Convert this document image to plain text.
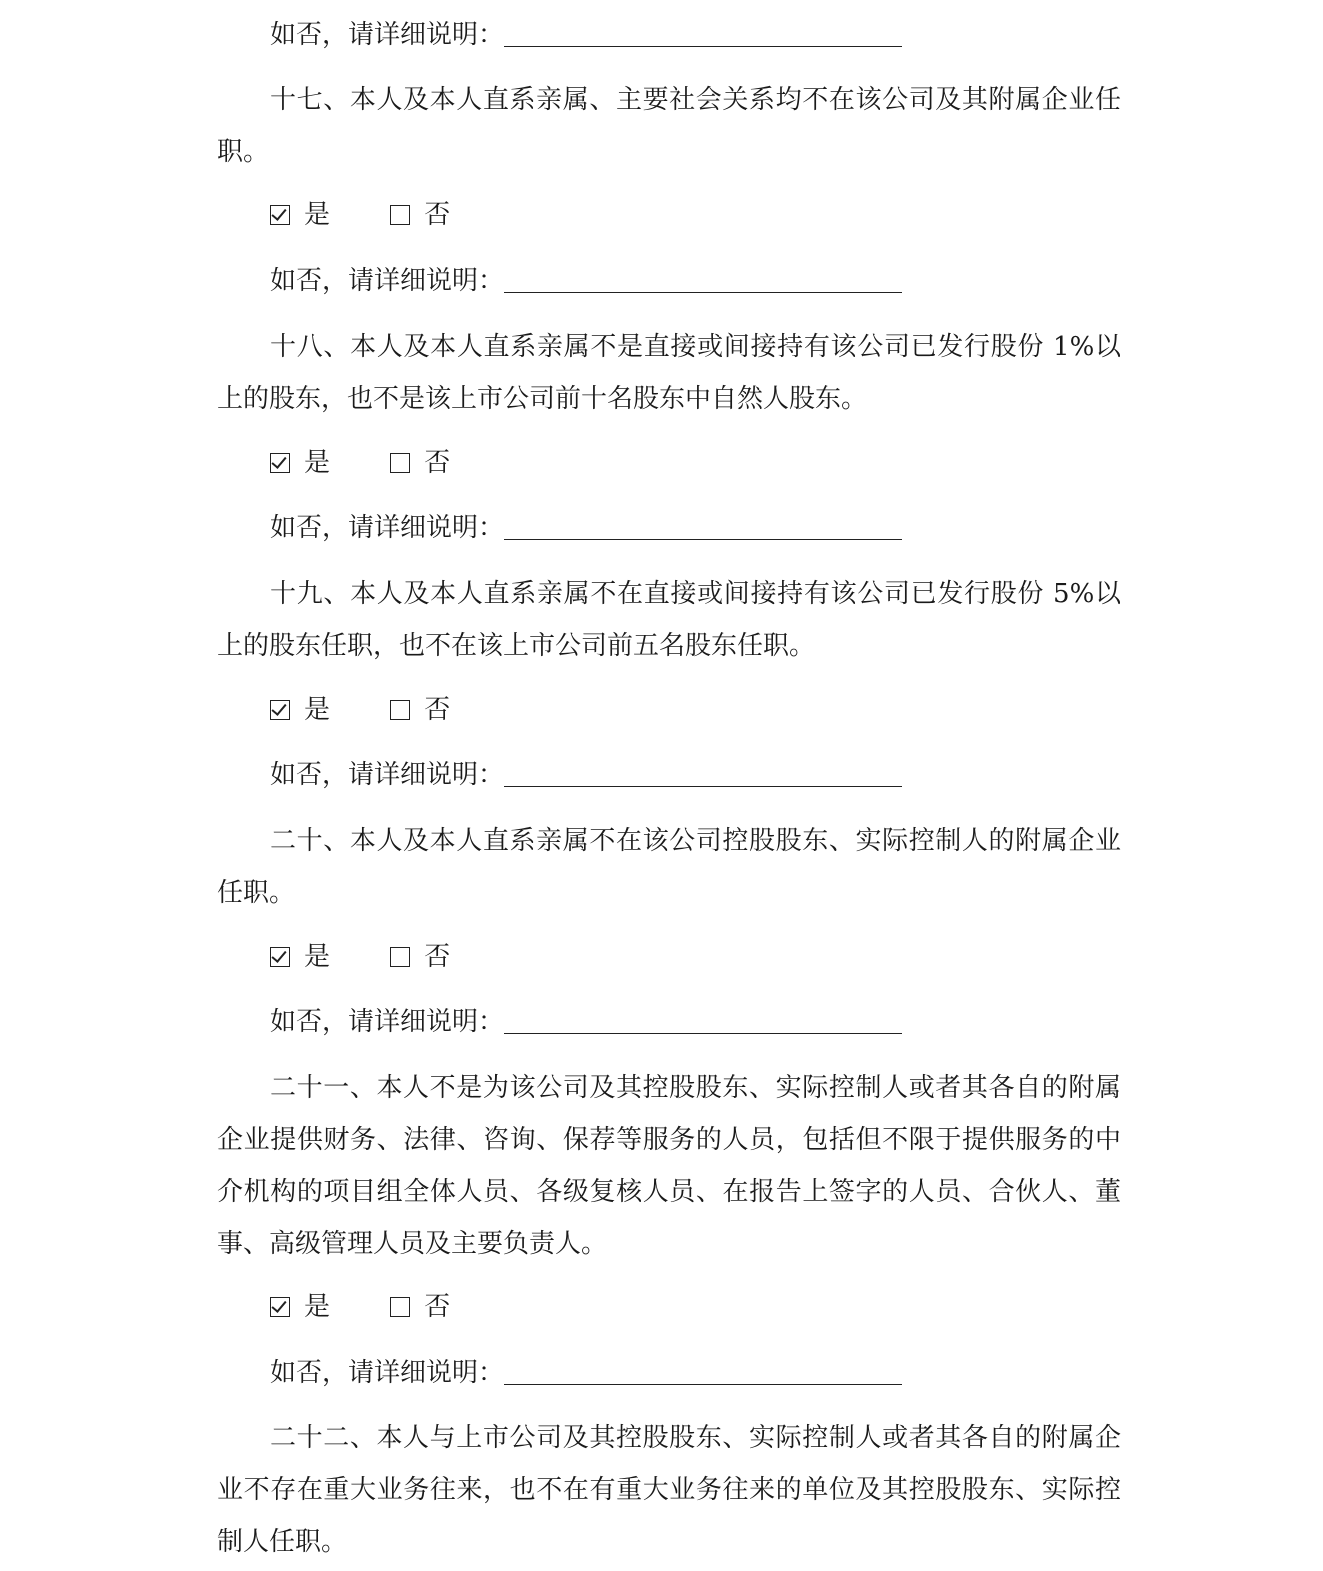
如否，请详细说明：
十七、本人及本人直系亲属、主要社会关系均不在该公司及其附属企业任职。
是	否
如否，请详细说明：
十八、本人及本人直系亲属不是直接或间接持有该公司已发行股份 1%以上的股东，也不是该上市公司前十名股东中自然人股东。
是	否
如否，请详细说明：
十九、本人及本人直系亲属不在直接或间接持有该公司已发行股份 5%以上的股东任职，也不在该上市公司前五名股东任职。
是	否
如否，请详细说明：
二十、本人及本人直系亲属不在该公司控股股东、实际控制人的附属企业任职。
是	否
如否，请详细说明：
二十一、本人不是为该公司及其控股股东、实际控制人或者其各自的附属企业提供财务、法律、咨询、保荐等服务的人员，包括但不限于提供服务的中介机构的项目组全体人员、各级复核人员、在报告上签字的人员、合伙人、董事、高级管理人员及主要负责人。
是	否
如否，请详细说明：
二十二、本人与上市公司及其控股股东、实际控制人或者其各自的附属企业不存在重大业务往来，也不在有重大业务往来的单位及其控股股东、实际控制人任职。
